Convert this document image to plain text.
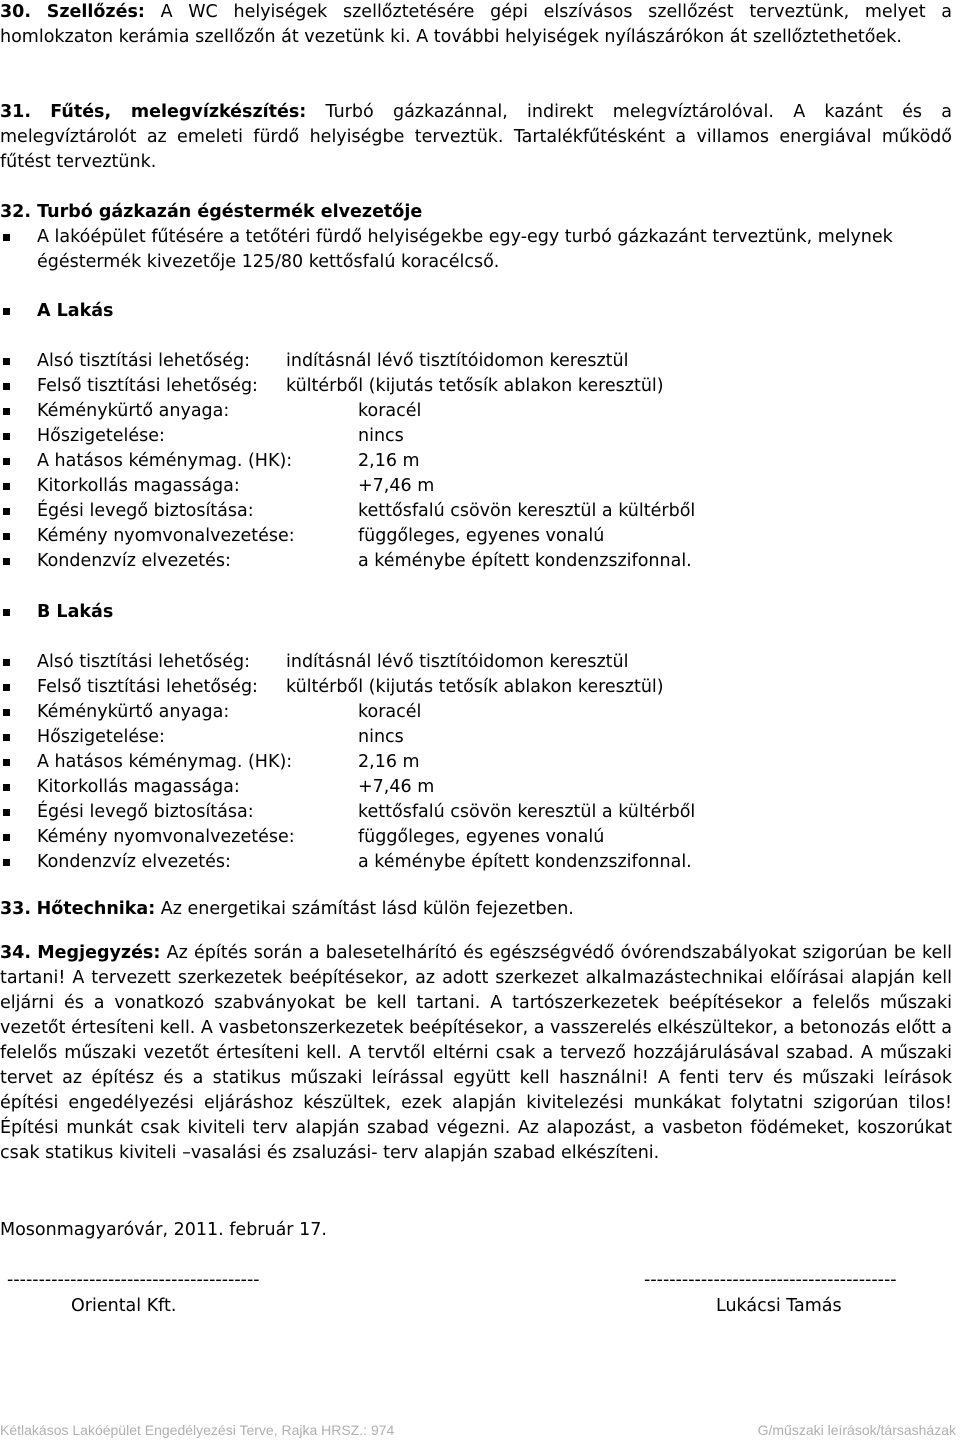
30. Szellőzés: A WC helyiségek szellőztetésére gépi elszívásos szellőzést terveztünk, melyet a homlokzaton kerámia szellőzőn át vezetünk ki. A további helyiségek nyílászárókon át szellőztethetőek.
31. Fűtés, melegvízkészítés: Turbó gázkazánnal, indirekt melegvíztárolóval. A kazánt és a melegvíztárolót az emeleti fürdő helyiségbe terveztük. Tartalékfűtésként a villamos energiával működő fűtést terveztünk.
32. Turbó gázkazán égéstermék elvezetője
A lakóépület fűtésére a tetőtéri fürdő helyiségekbe egy-egy turbó gázkazánt terveztünk, melynek égéstermék kivezetője 125/80 kettősfalú koracélcső.
A Lakás
Alsó tisztítási lehetőség: indításnál lévő tisztítóidomon keresztül
Felső tisztítási lehetőség: kültérből (kijutás tetősík ablakon keresztül)
Kéménykürtő anyaga:	koracél
Hőszigetelése:	nincs
A hatásos kéménymag. (HK):	2,16 m
Kitorkollás magassága:	+7,46 m
Égési levegő biztosítása:	kettősfalú csövön keresztül a kültérből
Kémény nyomvonalvezetése:	függőleges, egyenes vonalú
Kondenzvíz elvezetés:	a kéménybe épített kondenzszifonnal.
B Lakás
Alsó tisztítási lehetőség: indításnál lévő tisztítóidomon keresztül
Felső tisztítási lehetőség: kültérből (kijutás tetősík ablakon keresztül)
Kéménykürtő anyaga:	koracél
Hőszigetelése:	nincs
A hatásos kéménymag. (HK):	2,16 m
Kitorkollás magassága:	+7,46 m
Égési levegő biztosítása:	kettősfalú csövön keresztül a kültérből
Kémény nyomvonalvezetése:	függőleges, egyenes vonalú
Kondenzvíz elvezetés:	a kéménybe épített kondenzszifonnal.
33. Hőtechnika: Az energetikai számítást lásd külön fejezetben.
34. Megjegyzés: Az építés során a balesetelhárító és egészségvédő óvórendszabályokat szigorúan be kell tartani! A tervezett szerkezetek beépítésekor, az adott szerkezet alkalmazástechnikai előírásai alapján kell eljárni és a vonatkozó szabványokat be kell tartani. A tartószerkezetek beépítésekor a felelős műszaki vezetőt értesíteni kell. A vasbetonszerkezetek beépítésekor, a vasszerelés elkészültekor, a betonozás előtt a felelős műszaki vezetőt értesíteni kell. A tervtől eltérni csak a tervező hozzájárulásával szabad. A műszaki tervet az építész és a statikus műszaki leírással együtt kell használni! A fenti terv és műszaki leírások építési engedélyezési eljáráshoz készültek, ezek alapján kivitelezési munkákat folytatni szigorúan tilos! Építési munkát csak kiviteli terv alapján szabad végezni. Az alapozást, a vasbeton födémeket, koszorúkat csak statikus kiviteli –vasalási és zsaluzási- terv alapján szabad elkészíteni.
Mosonmagyaróvár, 2011. február 17.
----------------------------------------
Oriental Kft.
----------------------------------------
Lukácsi Tamás
Kétlakásos Lakóépület Engedélyezési Terve, Rajka HRSZ.: 974	G/műszaki leírások/társasházak
